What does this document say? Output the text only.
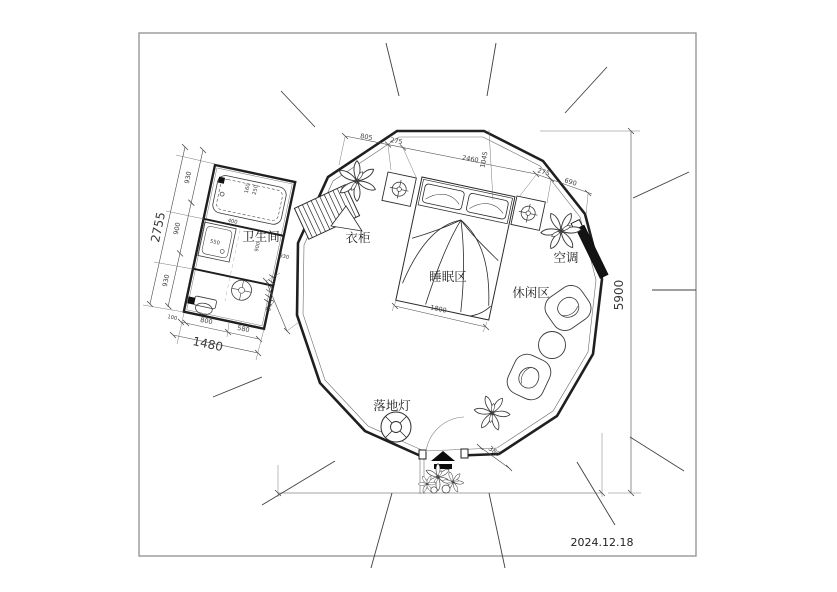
2024.12.18
400
160 250
550	900
930
930
900
930
2755
100	800
580
1480
945
805	275
2460 1045
275
690
1800	5900
380
卫生间	衣柜
睡眠区
空调
休闲区
落地灯
